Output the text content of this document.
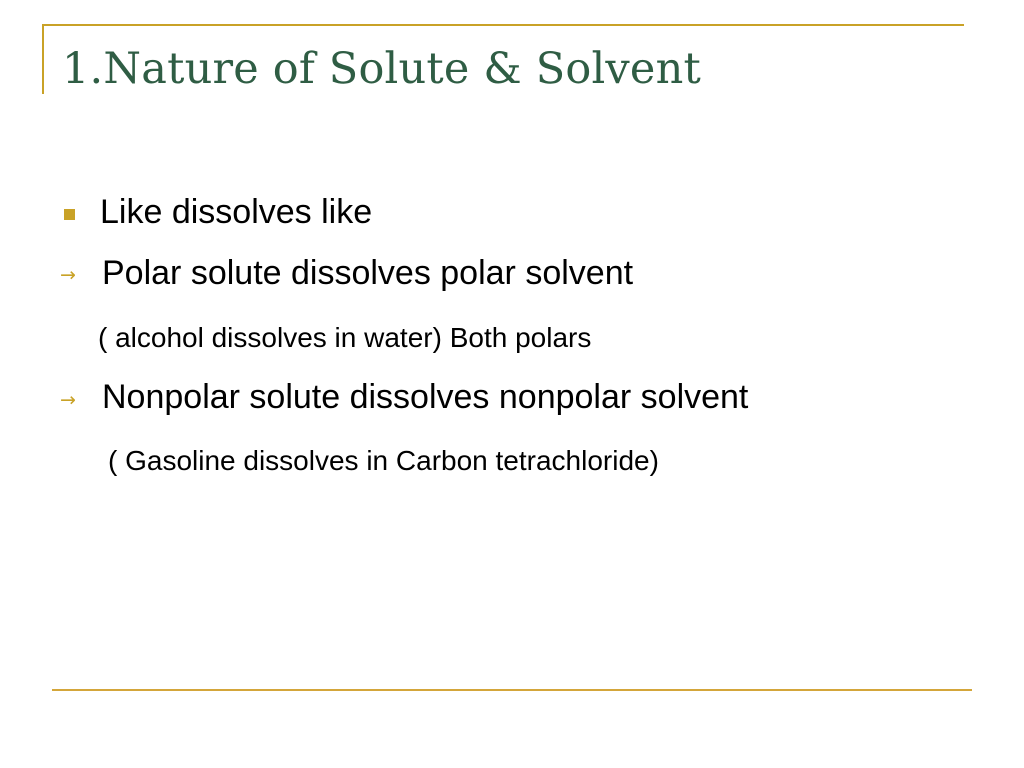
1.Nature of Solute & Solvent
Like dissolves like
→ Polar solute dissolves polar solvent
( alcohol dissolves in water) Both polars
→ Nonpolar solute dissolves nonpolar solvent
( Gasoline dissolves in Carbon tetrachloride)
